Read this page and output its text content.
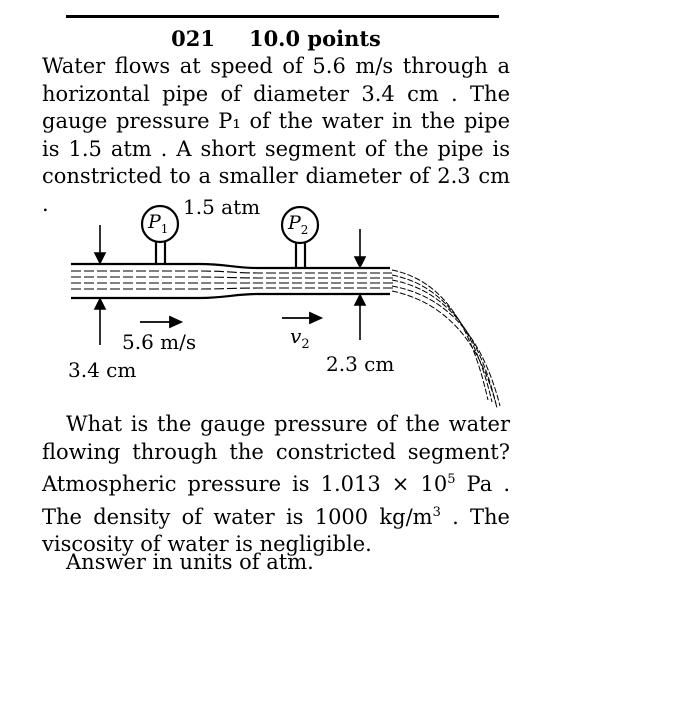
021 10.0 points
Water flows at speed of 5.6 m/s through a horizontal pipe of diameter 3.4 cm . The gauge pressure P₁ of the water in the pipe is 1.5 atm . A short segment of the pipe is constricted to a smaller diameter of 2.3 cm .
$P_1$
1.5 atm
$P_2$
5.6 m/s	$v_2$
3.4 cm	2.3 cm
What is the gauge pressure of the water flowing through the constricted segment? Atmospheric pressure is $1.013 \times 10^5$ Pa . The density of water is 1000 $kg/m^3$ . The viscosity of water is negligible.
Answer in units of atm.
